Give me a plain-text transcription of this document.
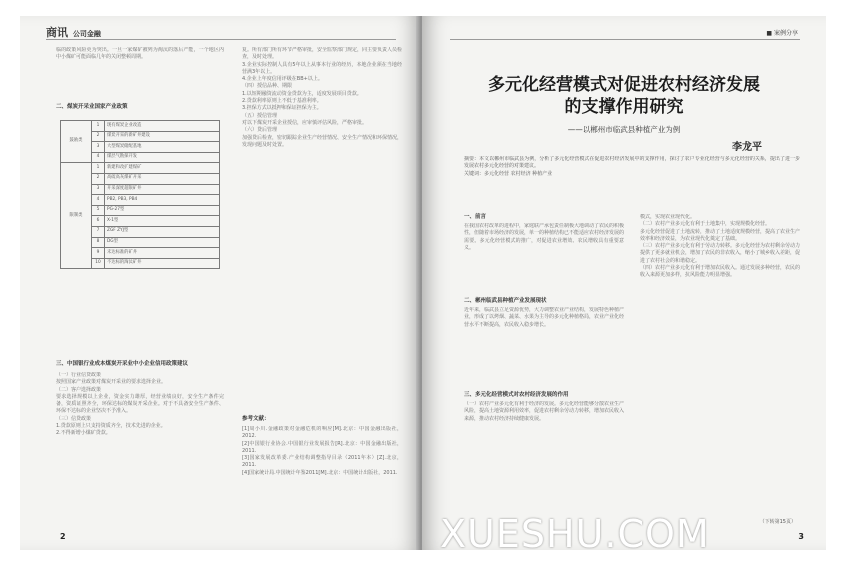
商讯 公司金融
临的政策风险更为突出。一旦一家煤矿被列为淘汰的落后产能，一个地区内中小煤矿可能面临几年的关闭整顿周期。
二、煤炭开采业国家产业政策
鼓励类	1	现有煤炭企业改造
	2	煤炭开采的新矿井建设
	3	大型煤炭储配基地
	4	煤层气勘探开发
限制类	1	新建和改扩建煤矿
	2	高硫高灰煤矿开采
	3	开采深度超限矿井
	4	PB2, PB3, PB4
	5	PG-27型
	6	X-1型
	7	ZGF ZYJ型
	8	DG型
	9	未达标准的矿井
	10	不达标的淘汰矿井
三、中国银行业成本煤炭开采业中小企业信用政策建议
（一）行业信贷政策
按照国家产业政策对煤炭开采业的要求选择企业。
（二）客户选择政策
要求选择规模以上企业，资金实力雄厚，经营业绩良好，安全生产条件完备，资质证照齐全，环保达标的煤炭开采企业。对于不具备安全生产条件、环保不达标的企业坚决不予准入。
（三）信贷政策
1.贷款原则上只支持资质齐全，技术先进的企业。
2.不得新增小煤矿贷款。
复。所有部门所有环节严格审批，安全监察部门规定，同主要负责人员检查，及时处理。
3.企业实际控制人具有5年以上从事本行业的经历，本地企业须在当地经营满3年以上。
4.企业上年度信用评级在BB+以上。
（四）授信品种、期限
1.以短期融资流动资金贷款为主，适度发展项目贷款。
2.贷款利率原则上不低于基准利率。
3.担保方式以抵押和保证担保为主。
（五）授信管理
对以下煤炭开采企业授信，应审慎评估风险，严格审批。
（六）贷后管理
加强贷后检查，密切跟踪企业生产经营情况、安全生产情况和环保情况，发现问题及时处置。
参考文献：
[1]周小川.金融政策对金融危机的响应[M].北京：中国金融出版社，2012.
[2]中国银行业协会.中国银行业发展报告[R].北京：中国金融出版社，2011.
[3]国家发展改革委.产业结构调整指导目录（2011年本）[Z].北京，2011.
[4]国家统计局.中国统计年鉴2011[M].北京：中国统计出版社，2011.
2
■ 案例分享
多元化经营模式对促进农村经济发展
的支撑作用研究
——以郴州市临武县种植产业为例
李龙平
摘要：本文以郴州市临武县为例，分析了多元化经营模式在促进农村经济发展中的支撑作用，探讨了农户专业化经营与多元化经营的关系，提出了进一步发展农村多元化经营的对策建议。
关键词：多元化经营 农村经济 种植产业
一、前言
在我国农村改革的进程中，家庭联产承包责任制极大地调动了农民的积极性，但随着市场经济的发展，单一的种植结构已不能适应农村经济发展的需要。多元化经营模式的推广，对促进农业增效、农民增收具有重要意义。
二、郴州临武县种植产业发展现状
近年来，临武县立足资源优势，大力调整农业产业结构，发展特色种植产业，形成了以烤烟、蔬菜、水果为主导的多元化种植格局，农业产业化经营水平不断提高，农民收入稳步增长。
三、多元化经营模式对农村经济发展的作用
（一）农村产业多元化有利于经济的发展。多元化经营能够分散农业生产风险，提高土地资源利用效率，促进农村剩余劳动力转移，增加农民收入来源，推动农村经济持续健康发展。
模式，实现农业现代化。
（二）农村产业多元化有利于土地集中，实现规模化经营。
多元化经营促进了土地流转，推动了土地适度规模经营，提高了农业生产效率和经济效益，为农业现代化奠定了基础。
（三）农村产业多元化有利于劳动力转移。多元化经营为农村剩余劳动力提供了更多就业机会，增加了农民的非农收入，缩小了城乡收入差距，促进了农村社会的和谐稳定。
（四）农村产业多元化有利于增加农民收入。通过发展多种经营，农民的收入来源更加多样，抗风险能力明显增强。
（下转第15页）
3
XUESHU.COM
